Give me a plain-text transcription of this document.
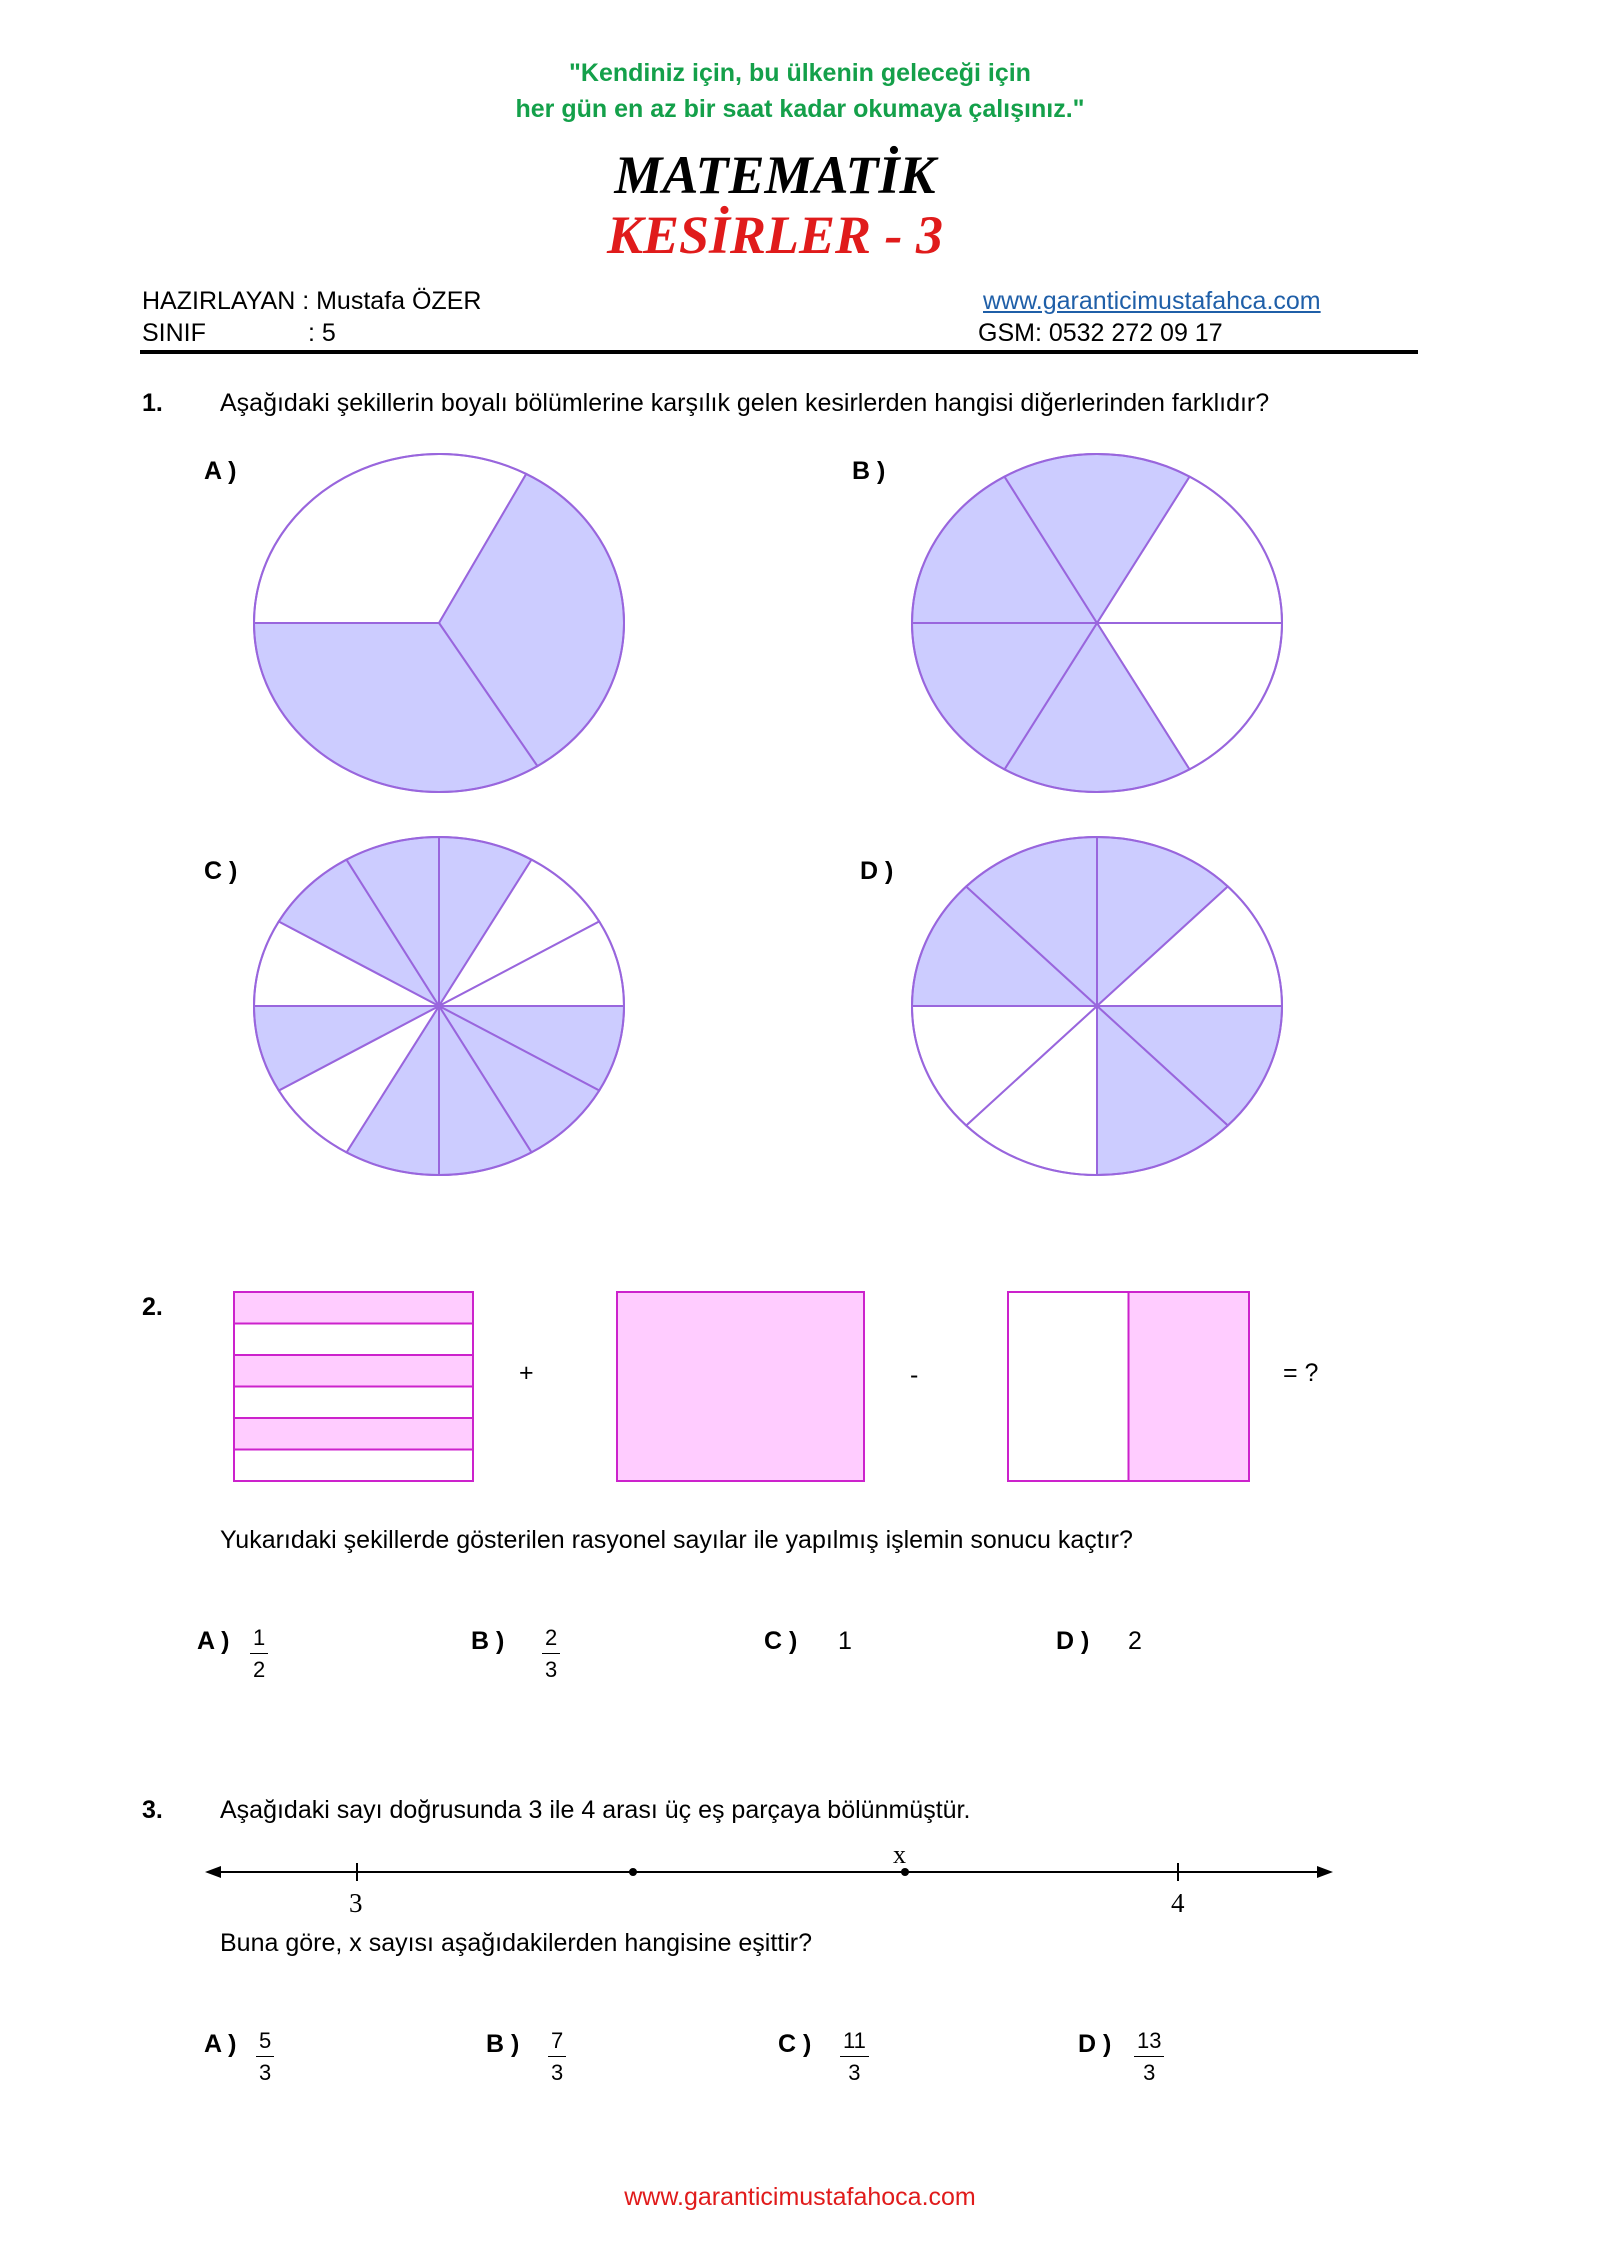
"Kendiniz için, bu ülkenin geleceği için
her gün en az bir saat kadar okumaya çalışınız."
MATEMATİK
KESİRLER - 3
HAZIRLAYAN : Mustafa ÖZER
SINIF	: 5
www.garanticimustafahca.com
GSM: 0532 272 09 17
1. Aşağıdaki şekillerin boyalı bölümlerine karşılık gelen kesirlerden hangisi diğerlerinden farklıdır?
A )	B )
C )	D )
2.
+	-	= ?
Yukarıdaki şekillerde gösterilen rasyonel sayılar ile yapılmış işlemin sonucu kaçtır?
A ) $\frac{1}{2}$	B ) $\frac{2}{3}$	C ) 1	D ) 2
3. Aşağıdaki sayı doğrusunda 3 ile 4 arası üç eş parçaya bölünmüştür.
x
3	4
Buna göre, x sayısı aşağıdakilerden hangisine eşittir?
A ) $\frac{5}{3}$	B ) $\frac{7}{3}$	C ) $\frac{11}{3}$	D ) $\frac{13}{3}$
www.garanticimustafahoca.com
